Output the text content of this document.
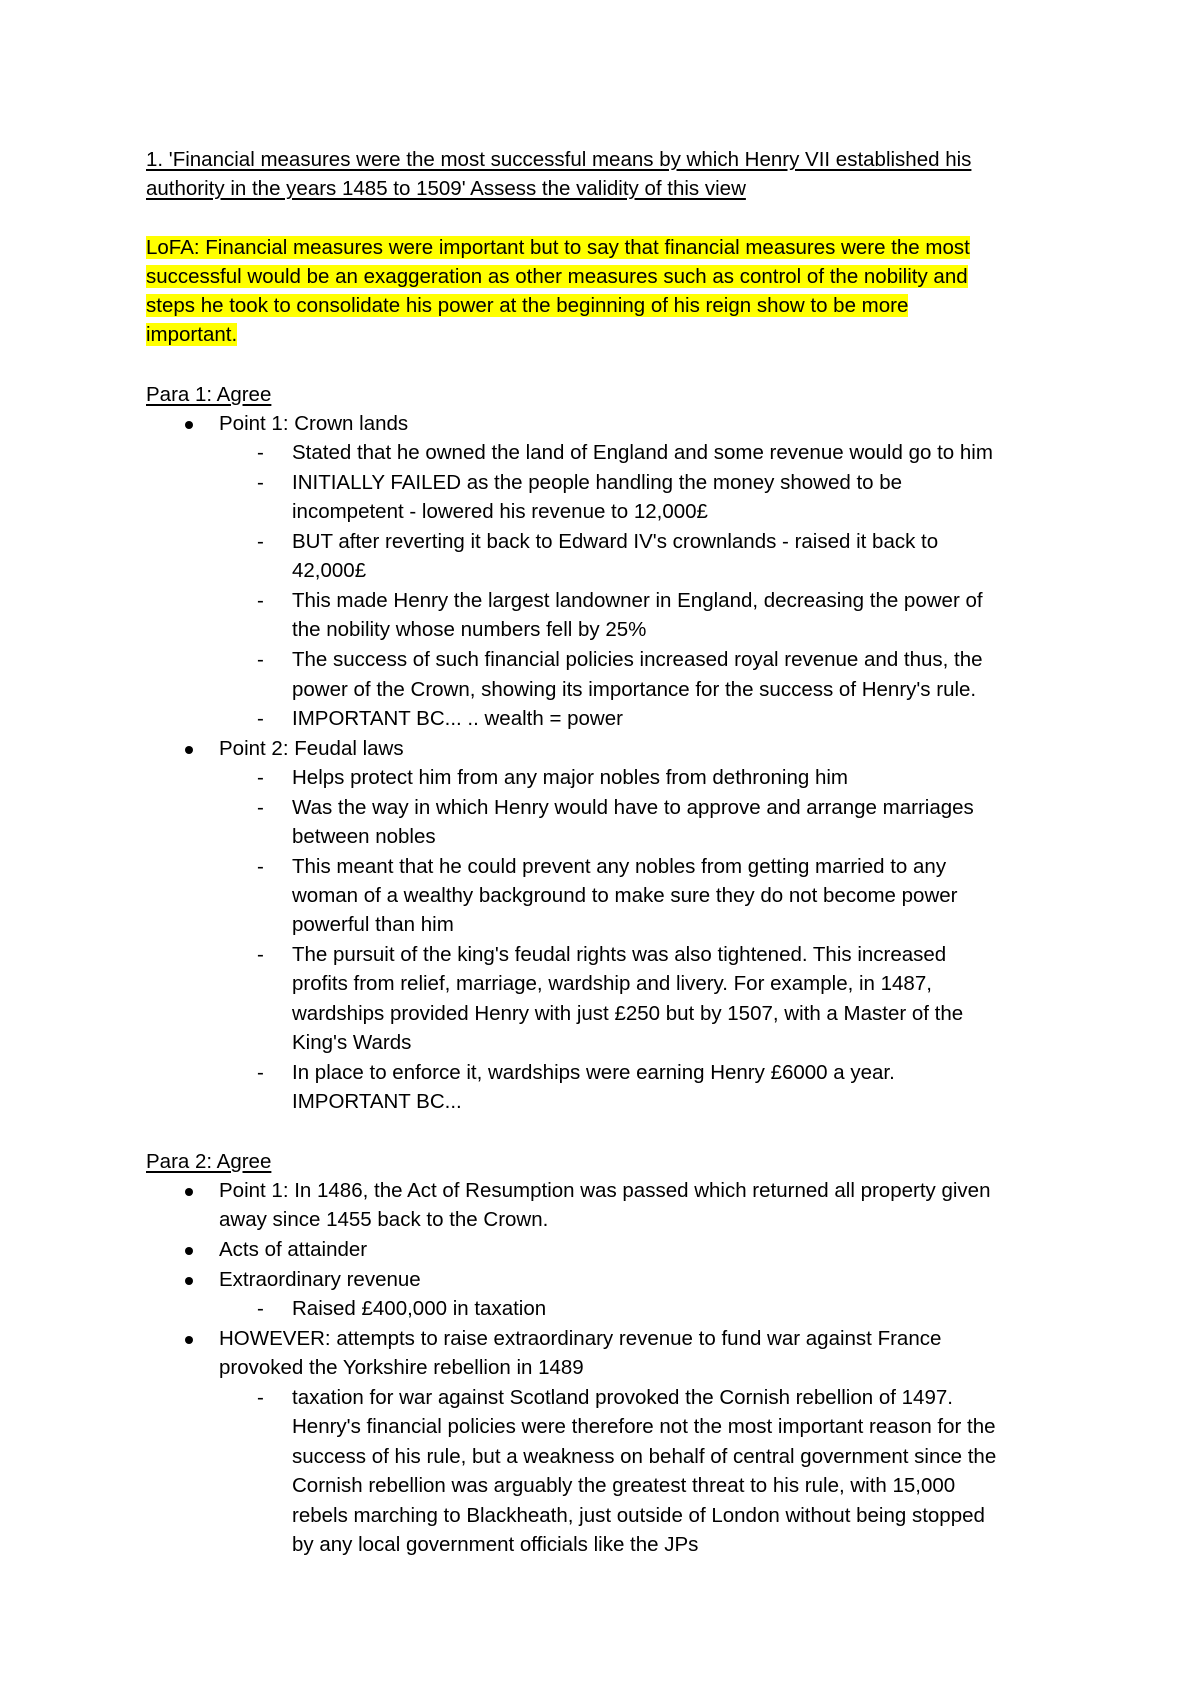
1. 'Financial measures were the most successful means by which Henry VII established his
authority in the years 1485 to 1509' Assess the validity of this view
LoFA: Financial measures were important but to say that financial measures were the most
successful would be an exaggeration as other measures such as control of the nobility and
steps he took to consolidate his power at the beginning of his reign show to be more
important.
Para 1: Agree
Point 1: Crown lands
- Stated that he owned the land of England and some revenue would go to him
- INITIALLY FAILED as the people handling the money showed to be
incompetent - lowered his revenue to 12,000£
- BUT after reverting it back to Edward IV's crownlands - raised it back to
42,000£
- This made Henry the largest landowner in England, decreasing the power of
the nobility whose numbers fell by 25%
- The success of such financial policies increased royal revenue and thus, the
power of the Crown, showing its importance for the success of Henry's rule.
- IMPORTANT BC... .. wealth = power
Point 2: Feudal laws
- Helps protect him from any major nobles from dethroning him
- Was the way in which Henry would have to approve and arrange marriages
between nobles
- This meant that he could prevent any nobles from getting married to any
woman of a wealthy background to make sure they do not become power
powerful than him
- The pursuit of the king's feudal rights was also tightened. This increased
profits from relief, marriage, wardship and livery. For example, in 1487,
wardships provided Henry with just £250 but by 1507, with a Master of the
King's Wards
- In place to enforce it, wardships were earning Henry £6000 a year.
IMPORTANT BC...
Para 2: Agree
Point 1: In 1486, the Act of Resumption was passed which returned all property given
away since 1455 back to the Crown.
Acts of attainder
Extraordinary revenue
- Raised £400,000 in taxation
HOWEVER: attempts to raise extraordinary revenue to fund war against France
provoked the Yorkshire rebellion in 1489
- taxation for war against Scotland provoked the Cornish rebellion of 1497.
Henry's financial policies were therefore not the most important reason for the
success of his rule, but a weakness on behalf of central government since the
Cornish rebellion was arguably the greatest threat to his rule, with 15,000
rebels marching to Blackheath, just outside of London without being stopped
by any local government officials like the JPs
